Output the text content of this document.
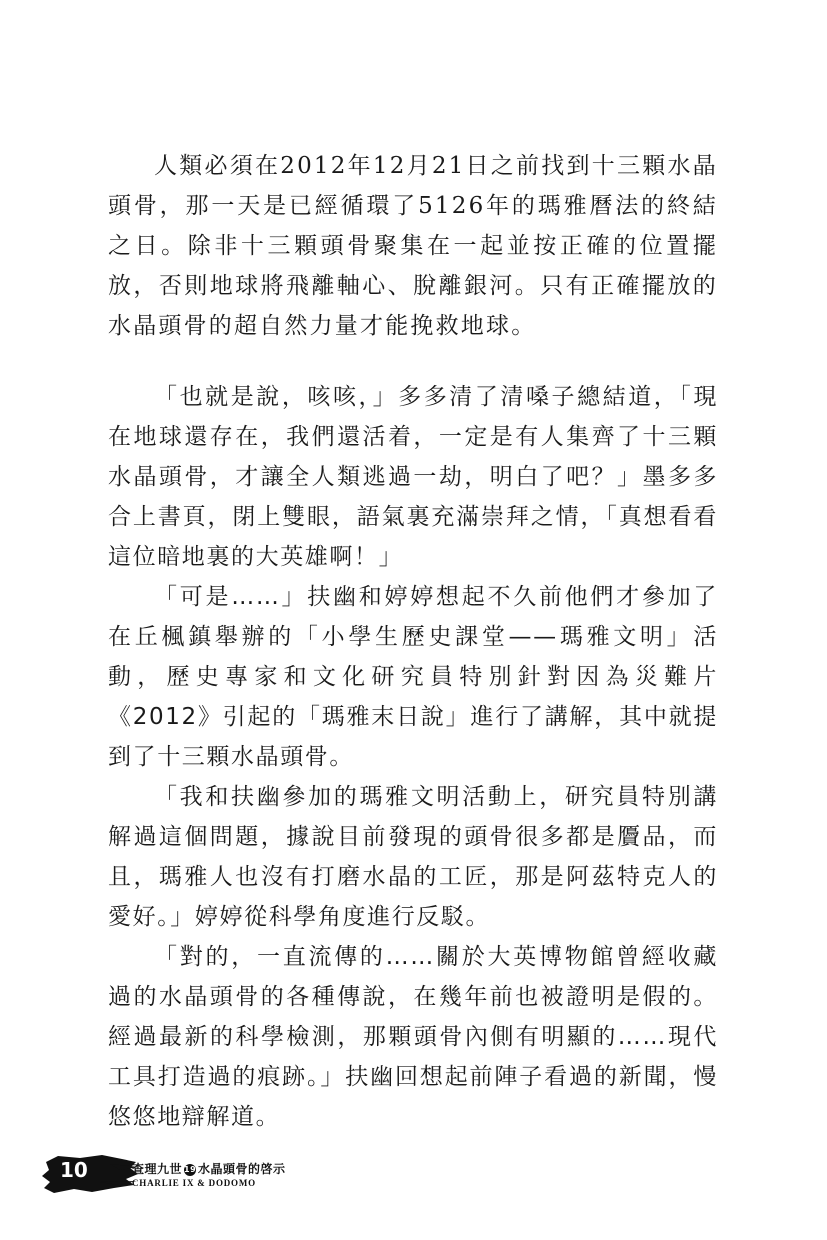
人類必須在2012年12月21日之前找到十三顆水晶頭骨，那一天是已經循環了5126年的瑪雅曆法的終結之日。除非十三顆頭骨聚集在一起並按正確的位置擺放，否則地球將飛離軸心、脫離銀河。只有正確擺放的水晶頭骨的超自然力量才能挽救地球。

「也就是說，咳咳，」多多清了清嗓子總結道，「現在地球還存在，我們還活着，一定是有人集齊了十三顆水晶頭骨，才讓全人類逃過一劫，明白了吧？」墨多多合上書頁，閉上雙眼，語氣裏充滿崇拜之情，「真想看看這位暗地裏的大英雄啊！」

「可是……」扶幽和婷婷想起不久前他們才參加了在丘楓鎮舉辦的「小學生歷史課堂——瑪雅文明」活動，歷史專家和文化研究員特別針對因為災難片《2012》引起的「瑪雅末日說」進行了講解，其中就提到了十三顆水晶頭骨。

「我和扶幽參加的瑪雅文明活動上，研究員特別講解過這個問題，據說目前發現的頭骨很多都是贗品，而且，瑪雅人也沒有打磨水晶的工匠，那是阿茲特克人的愛好。」婷婷從科學角度進行反駁。

「對的，一直流傳的……關於大英博物館曾經收藏過的水晶頭骨的各種傳說，在幾年前也被證明是假的。經過最新的科學檢測，那顆頭骨內側有明顯的……現代工具打造過的痕跡。」扶幽回想起前陣子看過的新聞，慢悠悠地辯解道。

10	查理九世 19 水晶頭骨的啓示
CHARLIE IX & DODOMO
